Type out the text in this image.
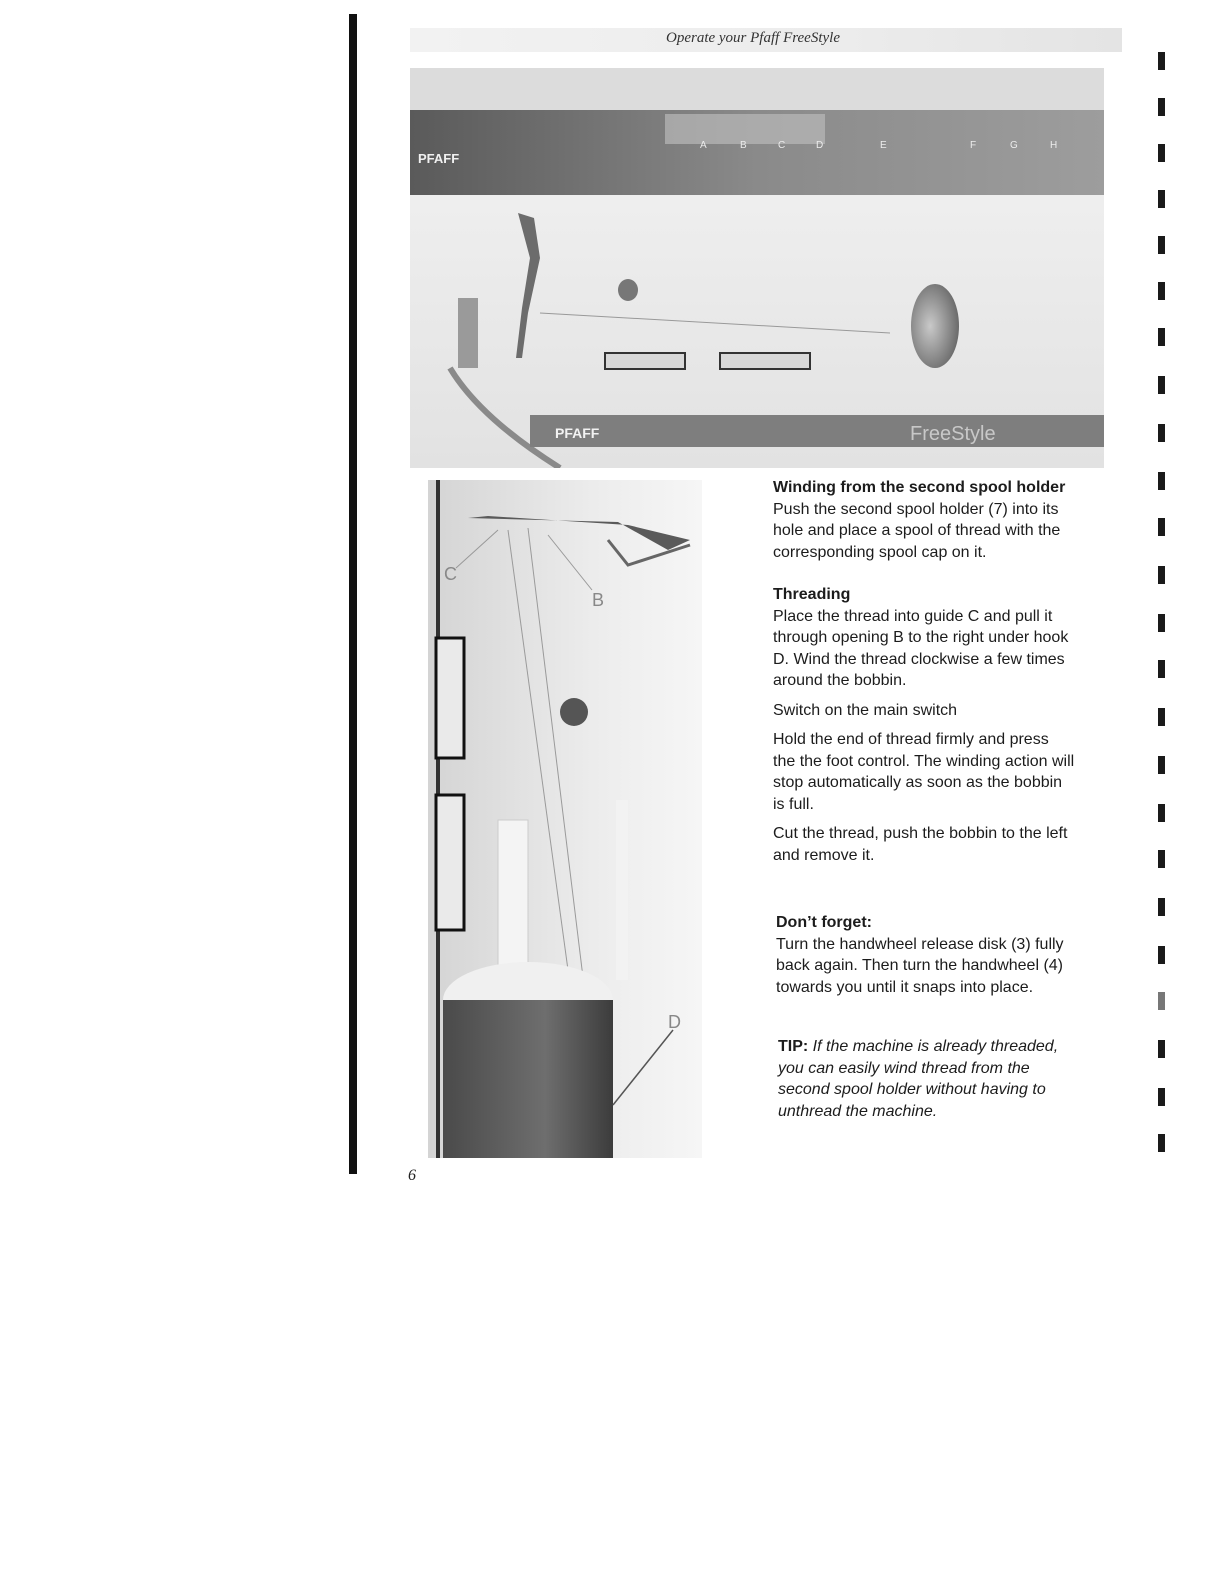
Operate your Pfaff FreeStyle
PFAFF
A	B	C	D	E	F	G	H
PFAFF	FreeStyle
C
B
D
Winding from the second spool holder

Push the second spool holder (7) into its

hole and place a spool of thread with the

corresponding spool cap on it.

Threading

Place the thread into guide C and pull it

through opening B to the right under hook

D. Wind the thread clockwise a few times

around the bobbin.

Switch on the main switch

Hold the end of thread firmly and press

the the foot control. The winding action will

stop automatically as soon as the bobbin

is full.

Cut the thread, push the bobbin to the left

and remove it.

Don’t forget:

Turn the handwheel release disk (3) fully

back again. Then turn the handwheel (4)

towards you until it snaps into place.

TIP: If the machine is already threaded,

you can easily wind thread from the

second spool holder without having to

unthread the machine.

6
